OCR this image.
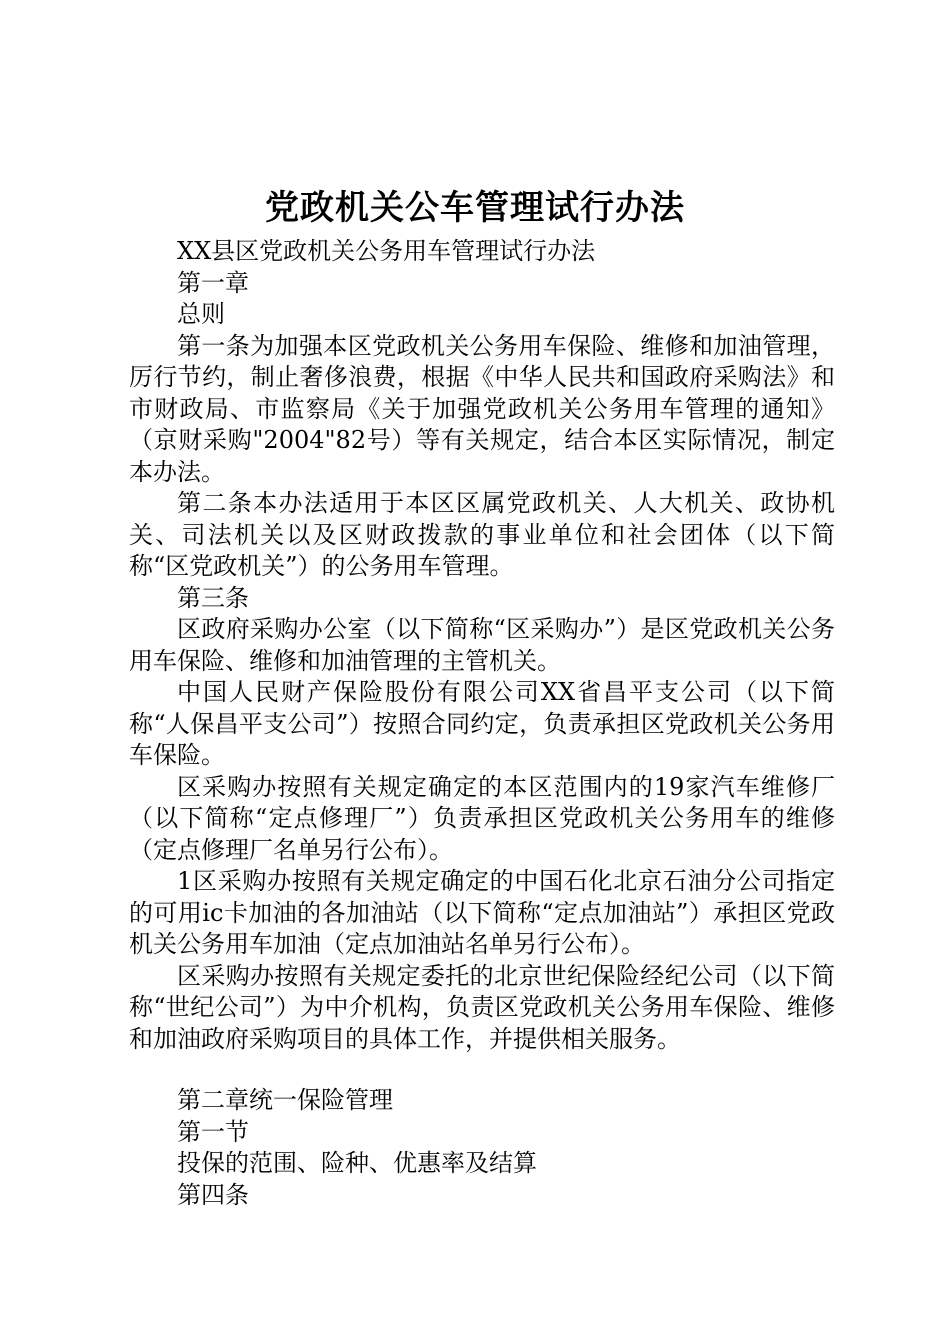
党政机关公车管理试行办法

XX县区党政机关公务用车管理试行办法

第一章

总则

第一条为加强本区党政机关公务用车保险、维修和加油管理，厉行节约，制止奢侈浪费，根据《中华人民共和国政府采购法》和市财政局、市监察局《关于加强党政机关公务用车管理的通知》（京财采购"2004"82号）等有关规定，结合本区实际情况，制定本办法。

第二条本办法适用于本区区属党政机关、人大机关、政协机关、司法机关以及区财政拨款的事业单位和社会团体（以下简称“区党政机关”）的公务用车管理。

第三条

区政府采购办公室（以下简称“区采购办”）是区党政机关公务用车保险、维修和加油管理的主管机关。

中国人民财产保险股份有限公司XX省昌平支公司（以下简称“人保昌平支公司”）按照合同约定，负责承担区党政机关公务用车保险。

区采购办按照有关规定确定的本区范围内的19家汽车维修厂（以下简称“定点修理厂”）负责承担区党政机关公务用车的维修（定点修理厂名单另行公布）。

1区采购办按照有关规定确定的中国石化北京石油分公司指定的可用ic卡加油的各加油站（以下简称“定点加油站”）承担区党政机关公务用车加油（定点加油站名单另行公布）。

区采购办按照有关规定委托的北京世纪保险经纪公司（以下简称“世纪公司”）为中介机构，负责区党政机关公务用车保险、维修和加油政府采购项目的具体工作，并提供相关服务。

第二章统一保险管理

第一节

投保的范围、险种、优惠率及结算

第四条
